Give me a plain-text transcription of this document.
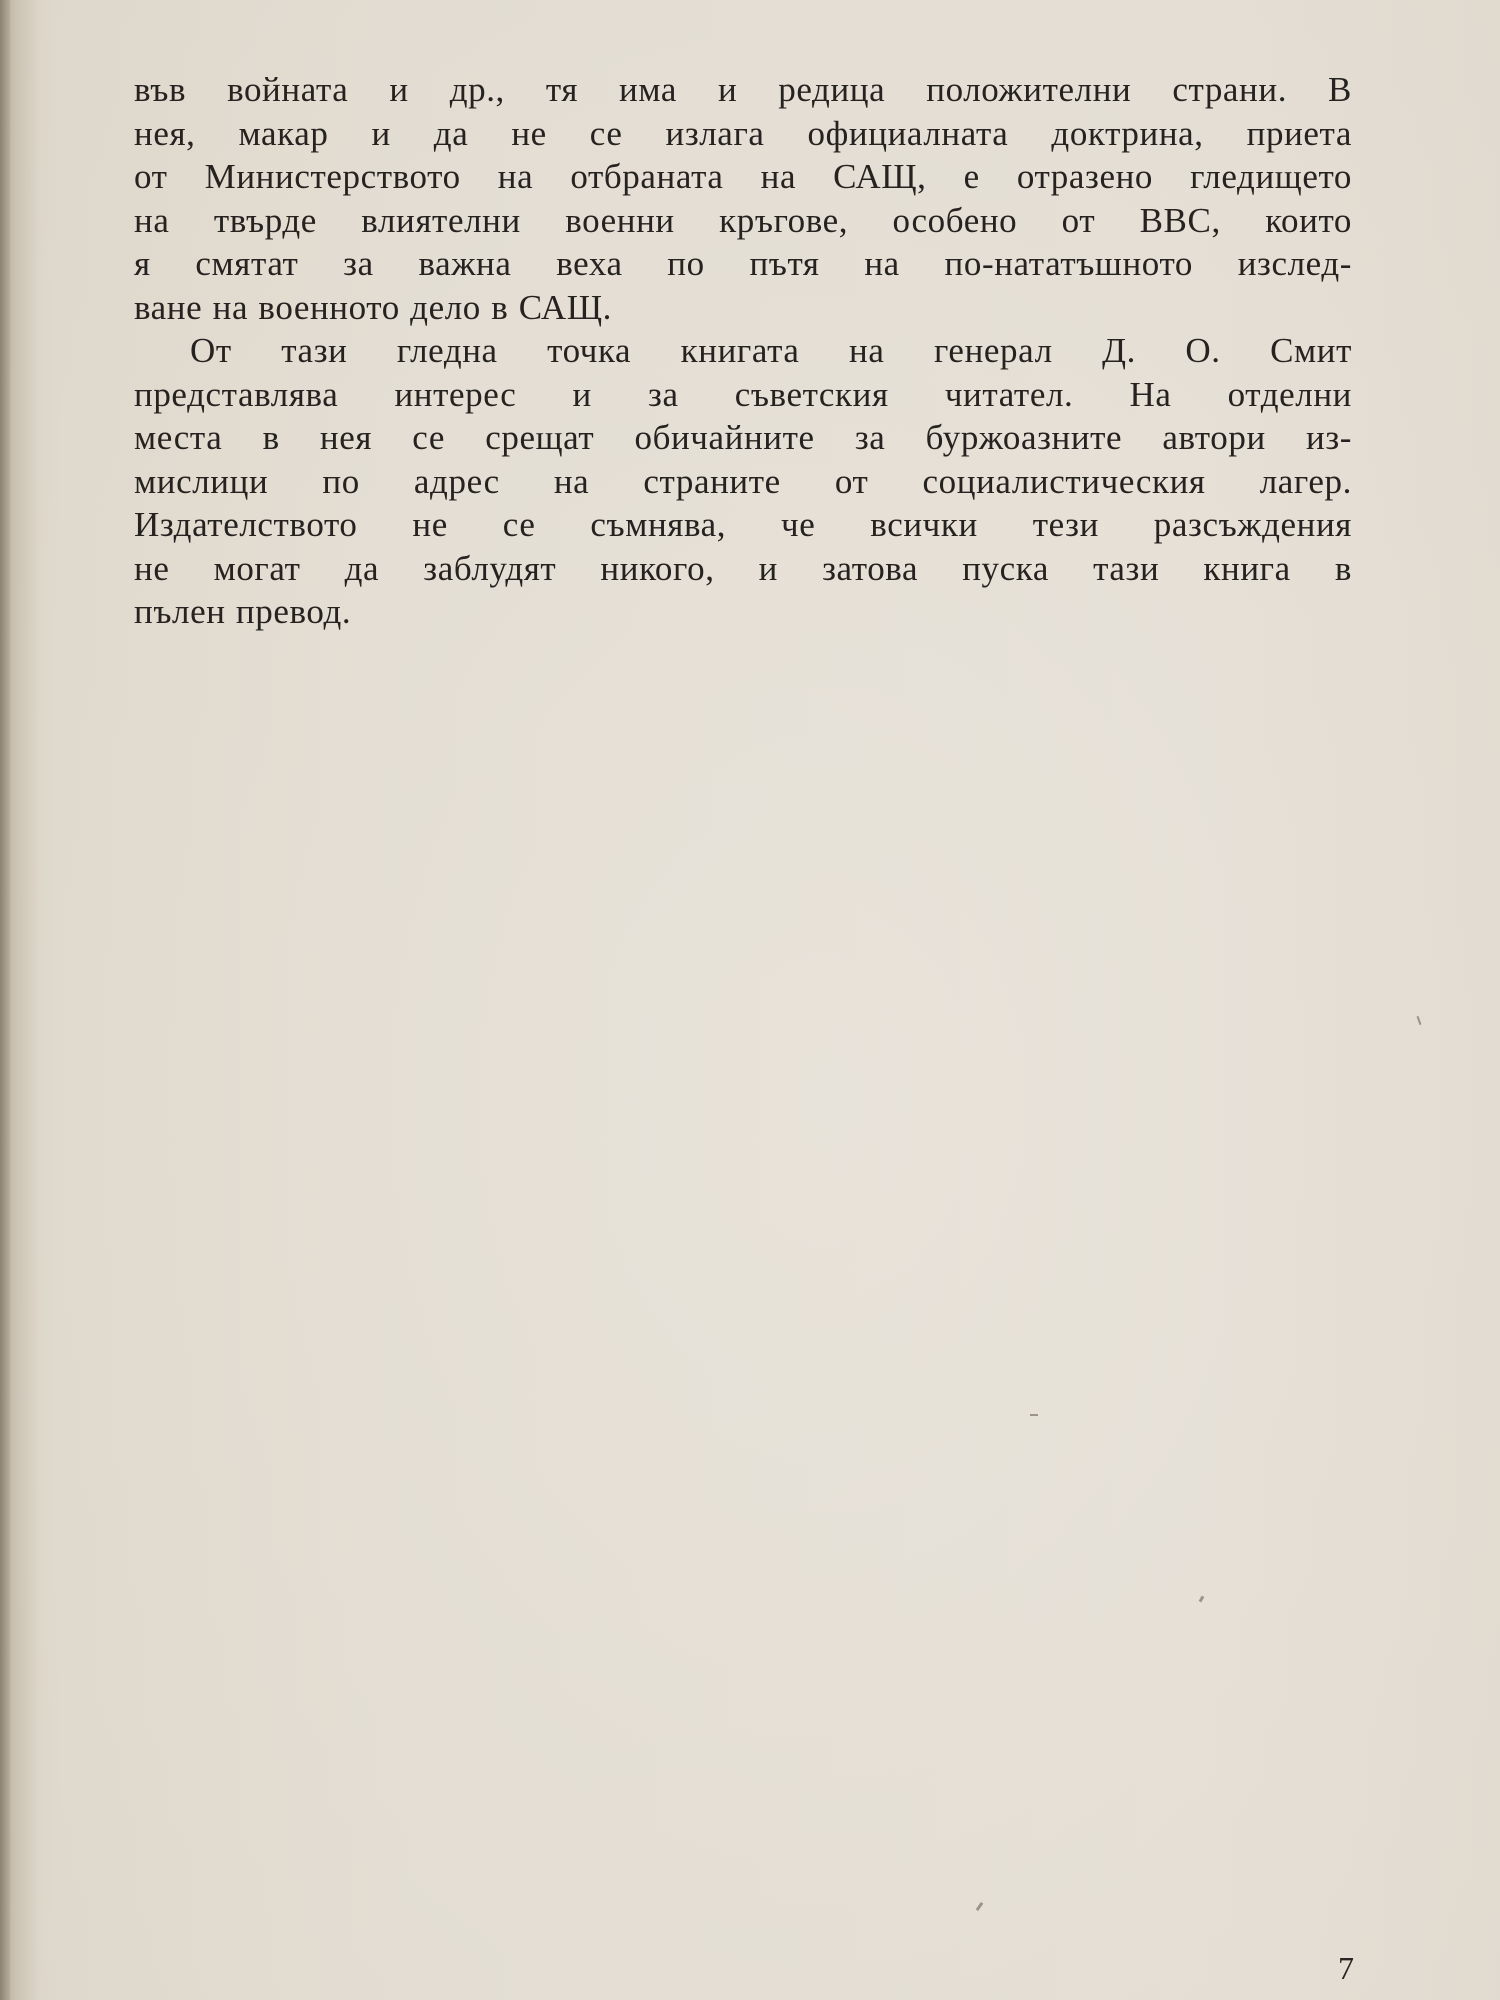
във войната и др., тя има и редица положителни страни. В
нея, макар и да не се излага официалната доктрина, приета
от Министерството на отбраната на САЩ, е отразено гледището
на твърде влиятелни военни кръгове, особено от ВВС, които
я смятат за важна веха по пътя на по-нататъшното изслед-
ване на военното дело в САЩ.
От тази гледна точка книгата на генерал Д. О. Смит
представлява интерес и за съветския читател. На отделни
места в нея се срещат обичайните за буржоазните автори из-
мислици по адрес на страните от социалистическия лагер.
Издателството не се съмнява, че всички тези разсъждения
не могат да заблудят никого, и затова пуска тази книга в
пълен превод.
7
